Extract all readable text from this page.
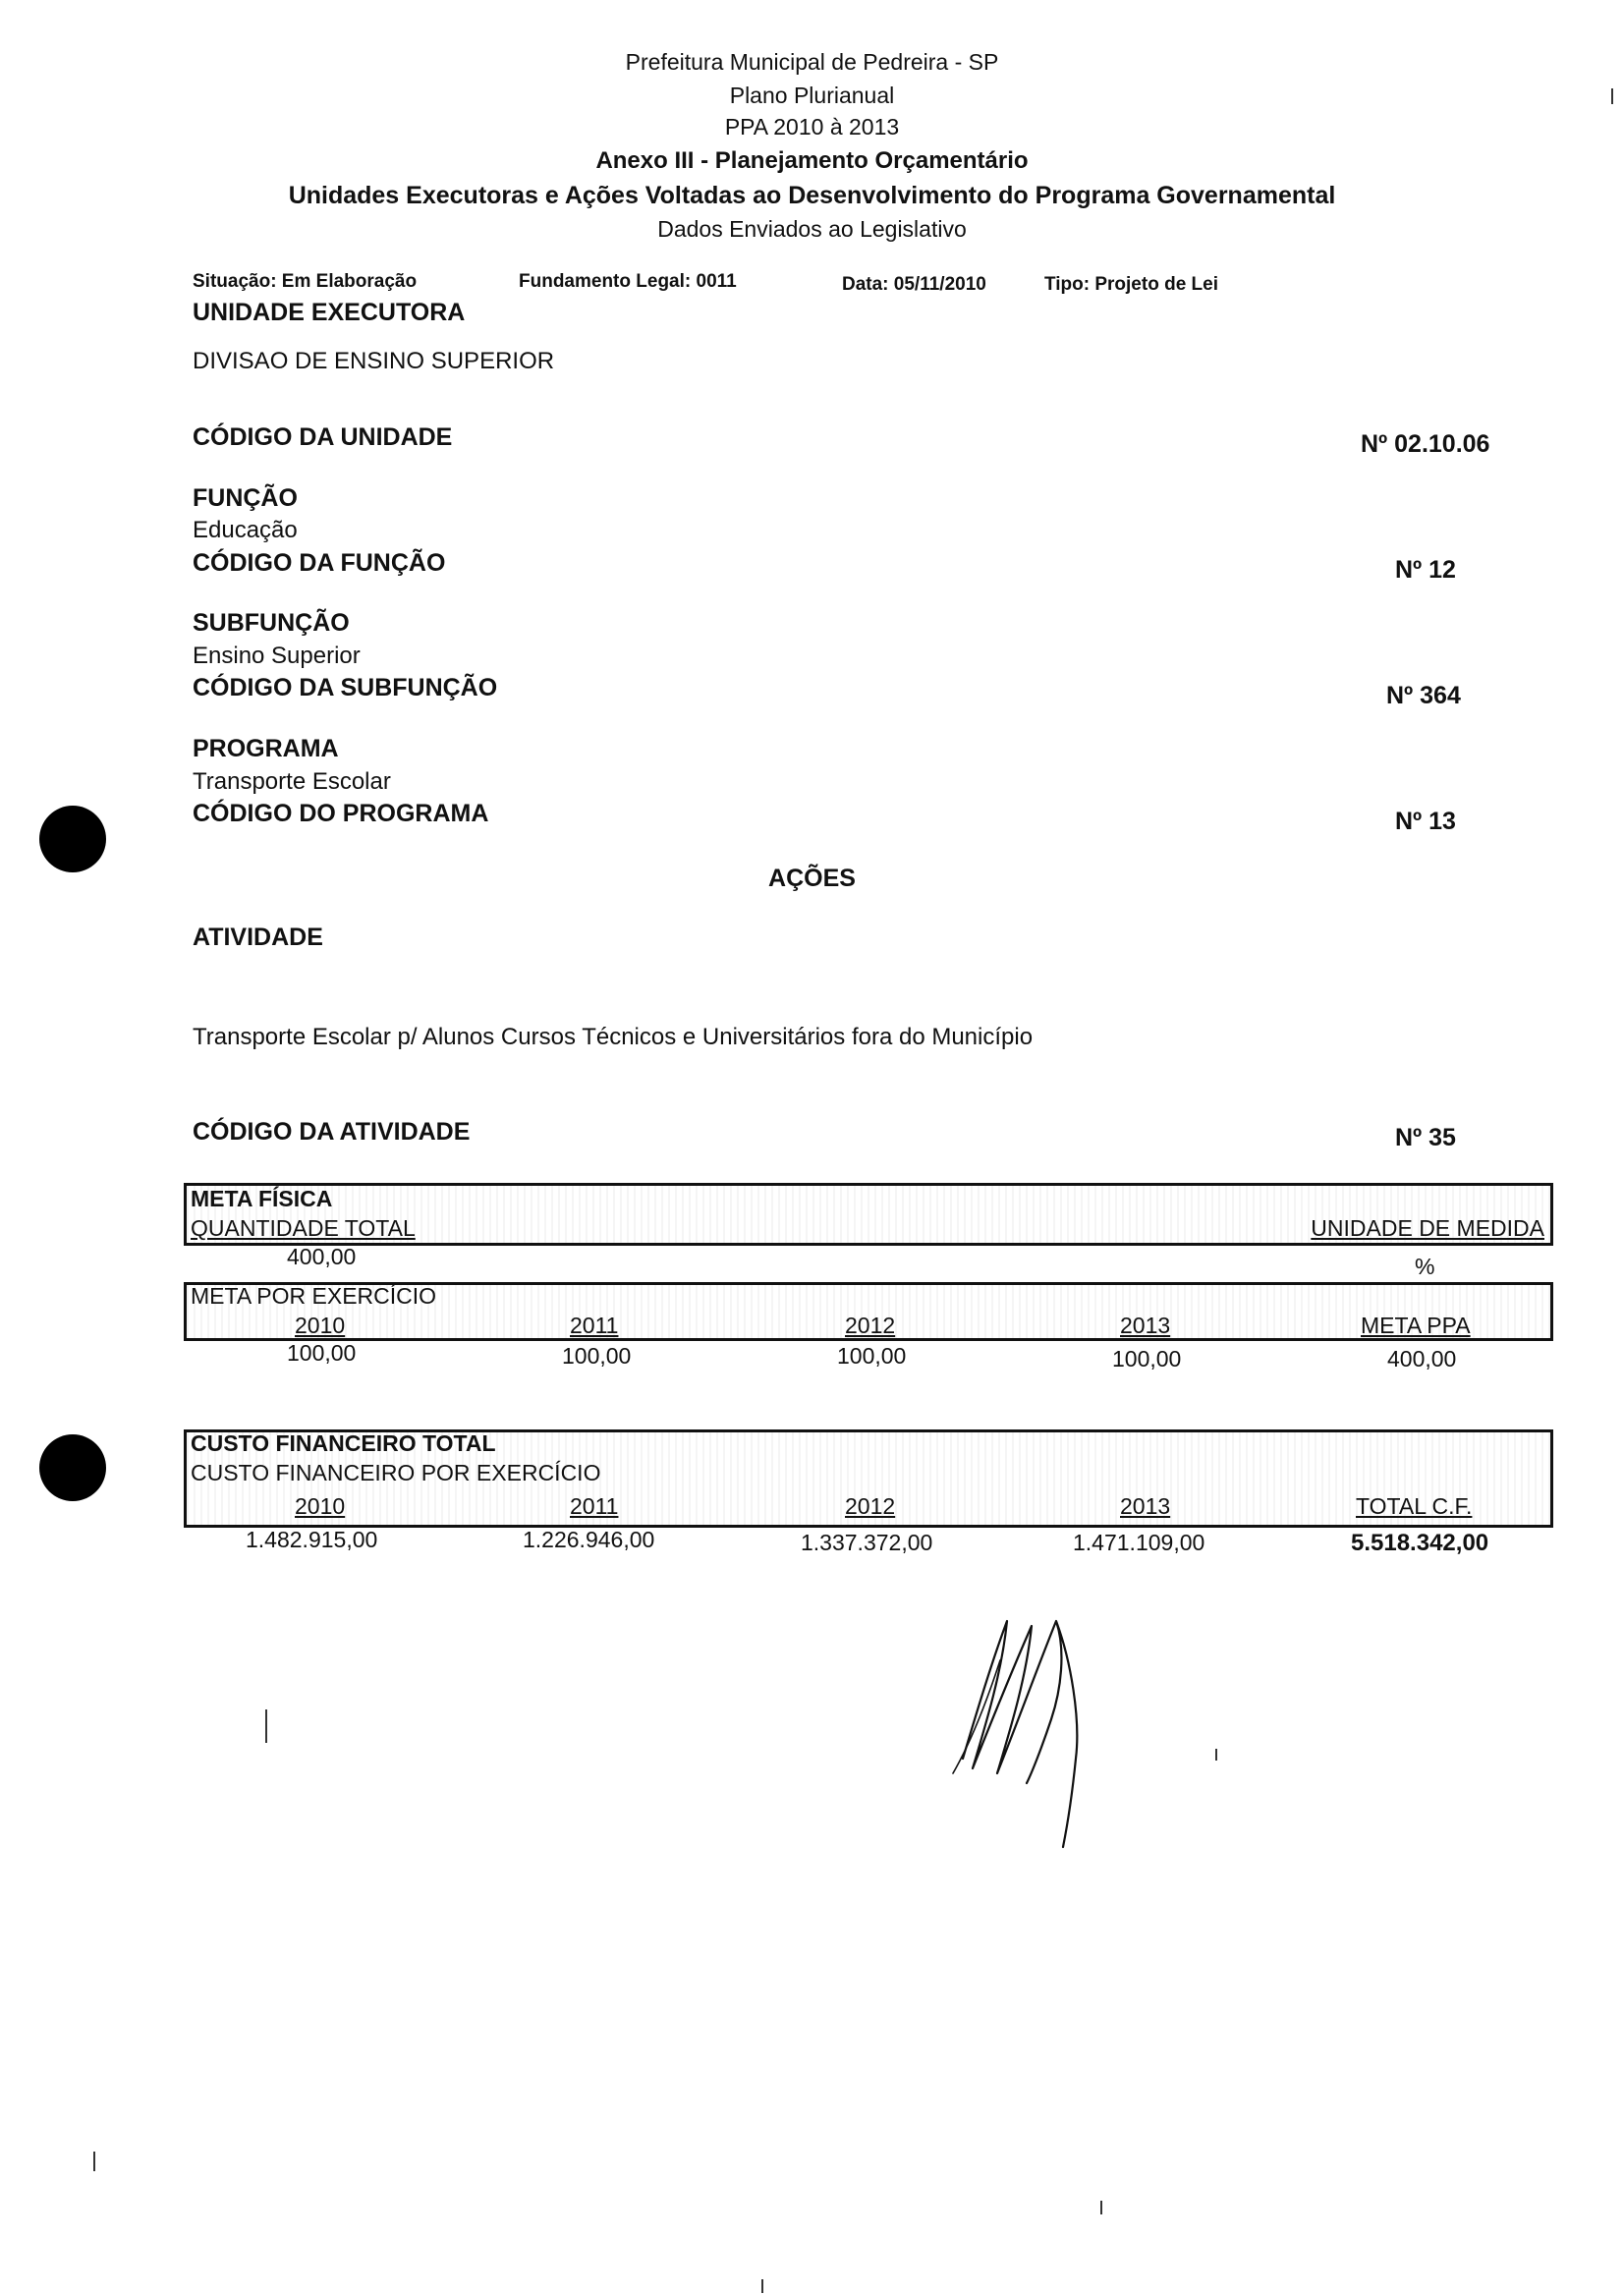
Prefeitura Municipal de Pedreira - SP
Plano Plurianual
PPA 2010 à 2013
Anexo III - Planejamento Orçamentário
Unidades Executoras e Ações Voltadas ao Desenvolvimento do Programa Governamental
Dados Enviados ao Legislativo
Situação: Em Elaboração	Fundamento Legal: 0011	Data: 05/11/2010	Tipo: Projeto de Lei
UNIDADE EXECUTORA
DIVISAO DE ENSINO SUPERIOR
CÓDIGO DA UNIDADE	Nº 02.10.06
FUNÇÃO
Educação
CÓDIGO DA FUNÇÃO	Nº 12
SUBFUNÇÃO
Ensino Superior
CÓDIGO DA SUBFUNÇÃO	Nº 364
PROGRAMA
Transporte Escolar
CÓDIGO DO PROGRAMA	Nº 13
AÇÕES
ATIVIDADE
Transporte Escolar p/ Alunos Cursos Técnicos e Universitários fora do Município
CÓDIGO DA ATIVIDADE	Nº 35
META FÍSICA
QUANTIDADE TOTAL	UNIDADE DE MEDIDA
400,00	%
META POR EXERCÍCIO
2010	2011	2012	2013	META PPA
100,00	100,00	100,00	100,00	400,00
CUSTO FINANCEIRO TOTAL
CUSTO FINANCEIRO POR EXERCÍCIO
2010	2011	2012	2013	TOTAL C.F.
1.482.915,00	1.226.946,00	1.337.372,00	1.471.109,00	5.518.342,00
